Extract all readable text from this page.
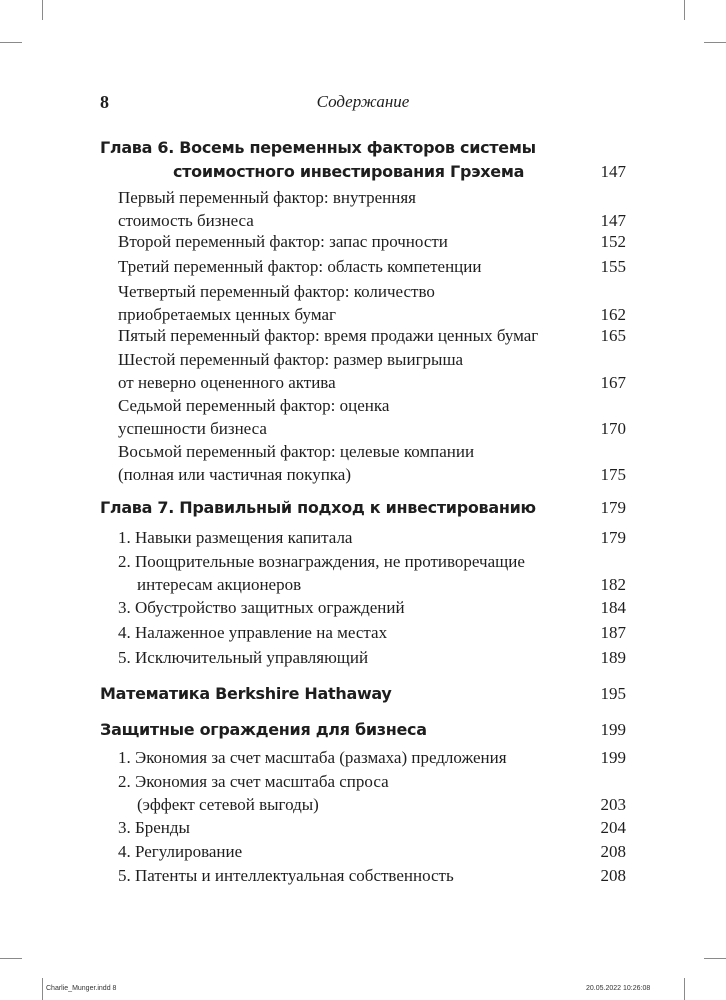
8	Содержание
Глава 6. Восемь переменных факторов системы
стоимостного инвестирования Грэхема	147
Первый переменный фактор: внутренняя
стоимость бизнеса	147
Второй переменный фактор: запас прочности	152
Третий переменный фактор: область компетенции	155
Четвертый переменный фактор: количество
приобретаемых ценных бумаг	162
Пятый переменный фактор: время продажи ценных бумаг	165
Шестой переменный фактор: размер выигрыша
от неверно оцененного актива	167
Седьмой переменный фактор: оценка
успешности бизнеса	170
Восьмой переменный фактор: целевые компании
(полная или частичная покупка)	175
Глава 7. Правильный подход к инвестированию	179
1. Навыки размещения капитала	179
2. Поощрительные вознаграждения, не противоречащие
интересам акционеров	182
3. Обустройство защитных ограждений	184
4. Налаженное управление на местах	187
5. Исключительный управляющий	189
Математика Berkshire Hathaway	195
Защитные ограждения для бизнеса	199
1. Экономия за счет масштаба (размаха) предложения	199
2. Экономия за счет масштаба спроса
(эффект сетевой выгоды)	203
3. Бренды	204
4. Регулирование	208
5. Патенты и интеллектуальная собственность	208
Charlie_Munger.indd 8	20.05.2022 10:26:08
